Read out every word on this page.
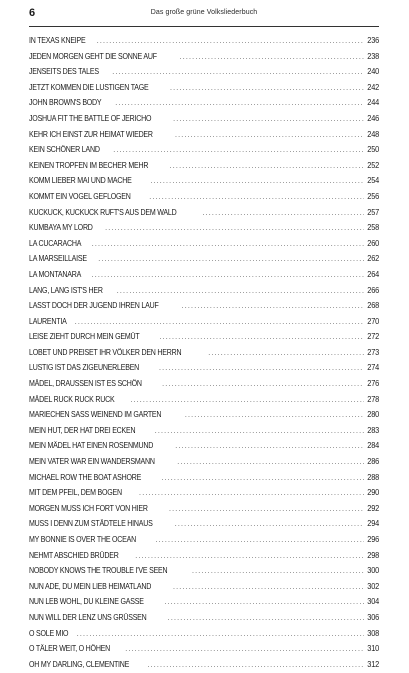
6	Das große grüne Volksliederbuch
IN TEXAS KNEIPE .....	236
JEDEN MORGEN GEHT DIE SONNE AUF .....	238
JENSEITS DES TALES .....	240
JETZT KOMMEN DIE LUSTIGEN TAGE .....	242
JOHN BROWN'S BODY .....	244
JOSHUA FIT THE BATTLE OF JERICHO .....	246
KEHR ICH EINST ZUR HEIMAT WIEDER .....	248
KEIN SCHÖNER LAND .....	250
KEINEN TROPFEN IM BECHER MEHR .....	252
KOMM LIEBER MAI UND MACHE .....	254
KOMMT EIN VOGEL GEFLOGEN .....	256
KUCKUCK, KUCKUCK RUFT'S AUS DEM WALD .....	257
KUMBAYA MY LORD .....	258
LA CUCARACHA .....	260
LA MARSEILLAISE .....	262
LA MONTANARA .....	264
LANG, LANG IST'S HER .....	266
LASST DOCH DER JUGEND IHREN LAUF .....	268
LAURENTIA .....	270
LEISE ZIEHT DURCH MEIN GEMÜT .....	272
LOBET UND PREISET IHR VÖLKER DEN HERRN .....	273
LUSTIG IST DAS ZIGEUNERLEBEN .....	274
MÄDEL, DRAUSSEN IST ES SCHÖN .....	276
MÄDEL RUCK RUCK RUCK .....	278
MARIECHEN SASS WEINEND IM GARTEN .....	280
MEIN HUT, DER HAT DREI ECKEN .....	283
MEIN MÄDEL HAT EINEN ROSENMUND .....	284
MEIN VATER WAR EIN WANDERSMANN .....	286
MICHAEL ROW THE BOAT ASHORE .....	288
MIT DEM PFEIL, DEM BOGEN .....	290
MORGEN MUSS ICH FORT VON HIER .....	292
MUSS I DENN ZUM STÄDTELE HINAUS .....	294
MY BONNIE IS OVER THE OCEAN .....	296
NEHMT ABSCHIED BRÜDER .....	298
NOBODY KNOWS THE TROUBLE I'VE SEEN .....	300
NUN ADE, DU MEIN LIEB HEIMATLAND .....	302
NUN LEB WOHL, DU KLEINE GASSE .....	304
NUN WILL DER LENZ UNS GRÜSSEN .....	306
O SOLE MIO .....	308
O TÄLER WEIT, O HÖHEN .....	310
OH MY DARLING, CLEMENTINE .....	312
